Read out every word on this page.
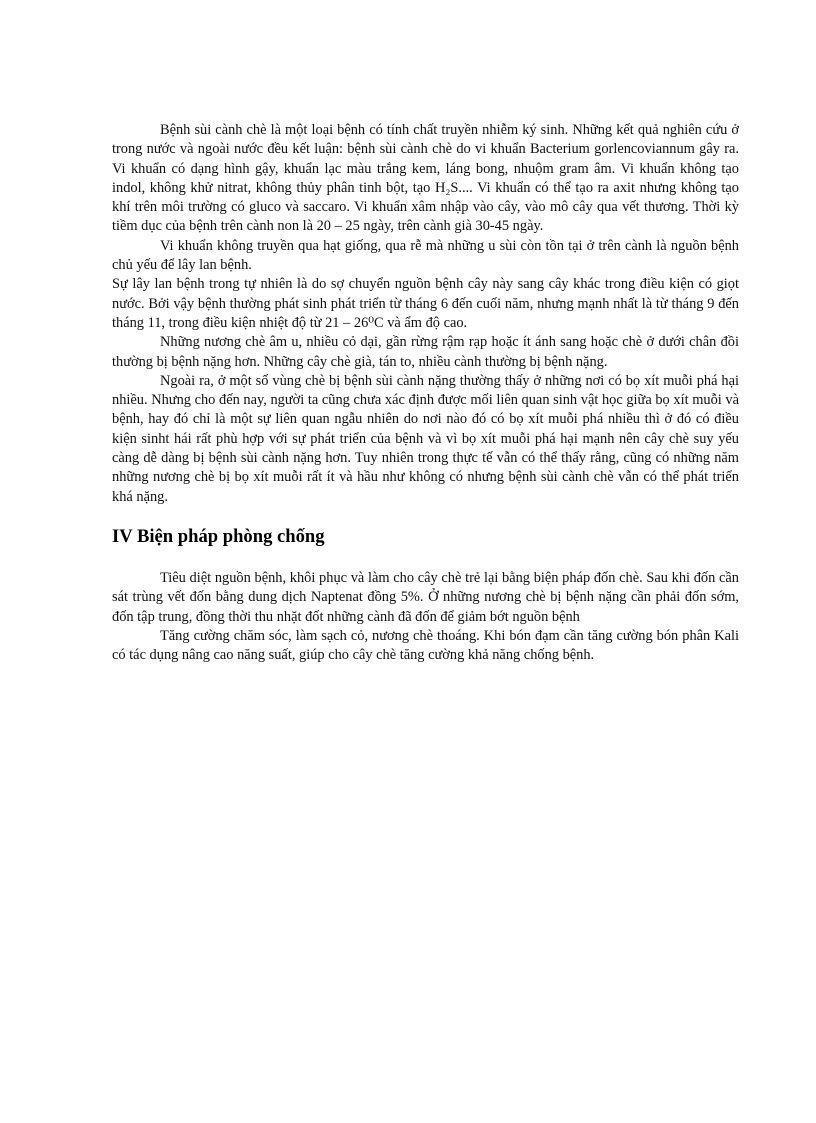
Bệnh sùi cành chè là một loại bệnh có tính chất truyền nhiễm ký sinh. Những kết quả nghiên cứu ở trong nước và ngoài nước đều kết luận: bệnh sùi cành chè do vi khuẩn Bacterium gorlencoviannum gây ra. Vi khuẩn có dạng hình gậy, khuẩn lạc màu trắng kem, láng bong, nhuộm gram âm. Vi khuẩn không tạo indol, không khử nitrat, không thủy phân tinh bột, tạo H₂S.... Vi khuẩn có thể tạo ra axit nhưng không tạo khí trên môi trường có gluco và saccaro. Vi khuẩn xâm nhập vào cây, vào mô cây qua vết thương. Thời kỳ tiềm dục của bệnh trên cành non là 20 – 25 ngày, trên cành già 30-45 ngày.

Vi khuẩn không truyền qua hạt giống, qua rễ mà những u sùi còn tồn tại ở trên cành là nguồn bệnh chủ yếu để lây lan bệnh.

Sự lây lan bệnh trong tự nhiên là do sợ chuyển nguồn bệnh cây này sang cây khác trong điều kiện có giọt nước. Bởi vậy bệnh thường phát sinh phát triển từ tháng 6 đến cuối năm, nhưng mạnh nhất là từ tháng 9 đến tháng 11, trong điều kiện nhiệt độ từ 21 – 26⁰C và ẩm độ cao.

Những nương chè âm u, nhiều cỏ dại, gần rừng rậm rạp hoặc ít ánh sang hoặc chè ở dưới chân đồi thường bị bệnh nặng hơn. Những cây chè già, tán to, nhiều cành thường bị bệnh nặng.

Ngoài ra, ở một số vùng chè bị bệnh sùi cành nặng thường thấy ở những nơi có bọ xít muỗi phá hại nhiều. Nhưng cho đến nay, người ta cũng chưa xác định được mối liên quan sinh vật học giữa bọ xít muỗi và bệnh, hay đó chỉ là một sự liên quan ngẫu nhiên do nơi nào đó có bọ xít muỗi phá nhiều thì ở đó có điều kiện sinht hái rất phù hợp với sự phát triển của bệnh và vì bọ xít muỗi phá hại mạnh nên cây chè suy yếu càng dễ dàng bị bệnh sùi cành nặng hơn. Tuy nhiên trong thực tế vẫn có thể thấy rằng, cũng có những năm những nương chè bị bọ xít muỗi rất ít và hầu như không có nhưng bệnh sùi cành chè vẫn có thể phát triển khá nặng.

IV Biện pháp phòng chống

Tiêu diệt nguồn bệnh, khôi phục và làm cho cây chè trẻ lại bằng biện pháp đốn chè. Sau khi đốn cần sát trùng vết đốn bằng dung dịch Naptenat đồng 5%. Ở những nương chè bị bệnh nặng cần phải đốn sớm, đốn tập trung, đồng thời thu nhặt đốt những cành đã đốn để giảm bớt nguồn bệnh

Tăng cường chăm sóc, làm sạch cỏ, nương chè thoáng. Khi bón đạm cần tăng cường bón phân Kali có tác dụng nâng cao năng suất, giúp cho cây chè tăng cường khả năng chống bệnh.
